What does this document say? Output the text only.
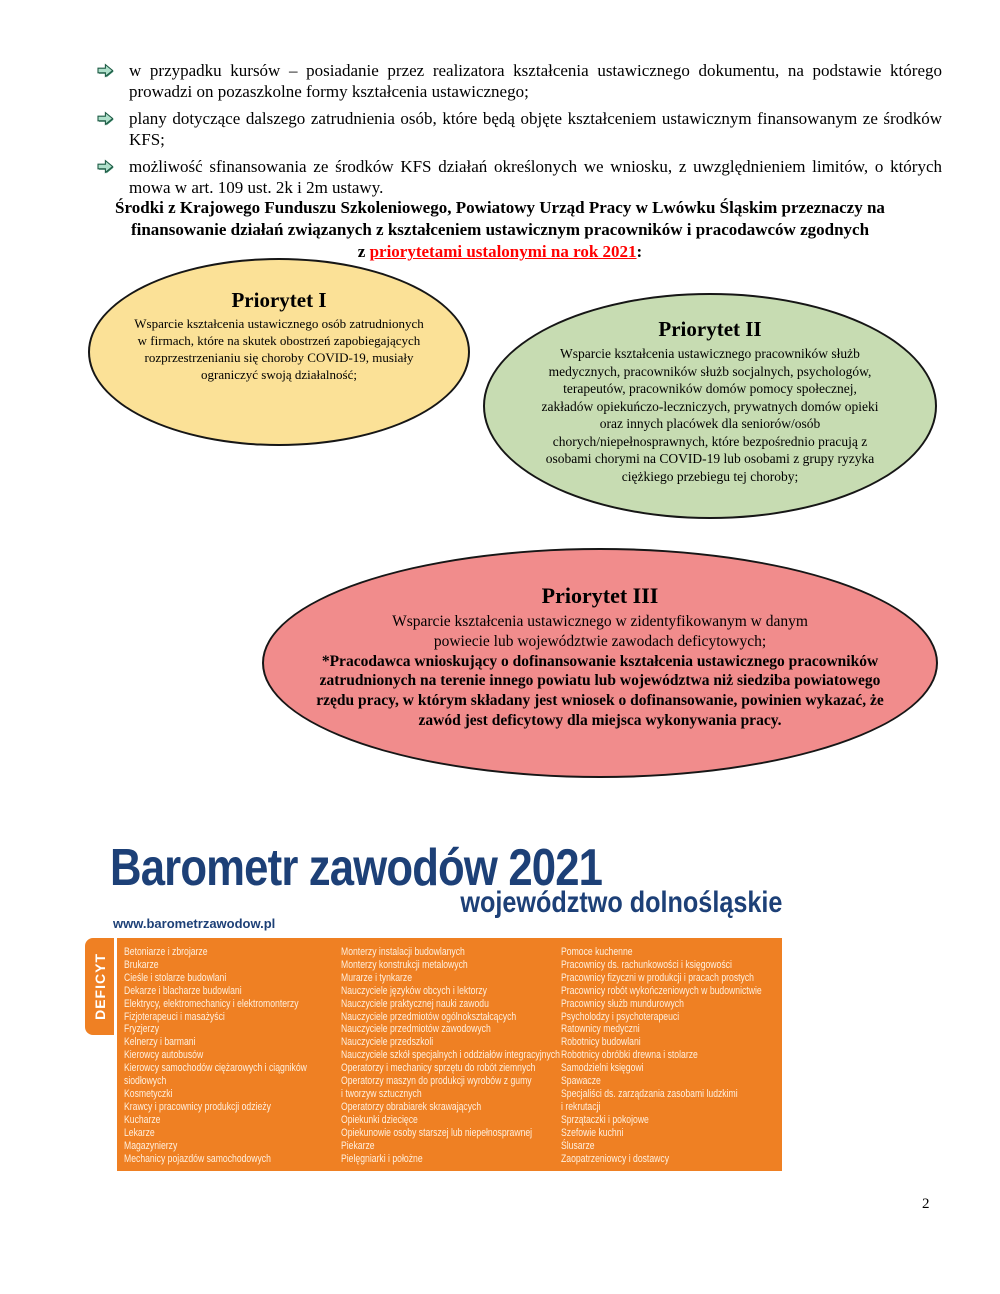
w przypadku kursów – posiadanie przez realizatora kształcenia ustawicznego dokumentu, na podstawie którego prowadzi on pozaszkolne formy kształcenia ustawicznego;
plany dotyczące dalszego zatrudnienia osób, które będą objęte kształceniem ustawicznym finansowanym ze środków KFS;
możliwość sfinansowania ze środków KFS działań określonych we wniosku, z uwzględnieniem limitów, o których mowa w art. 109 ust. 2k i 2m ustawy.
Środki z Krajowego Funduszu Szkoleniowego, Powiatowy Urząd Pracy w Lwówku Śląskim przeznaczy na
finansowanie działań związanych z kształceniem ustawicznym pracowników i pracodawców zgodnych
z priorytetami ustalonymi na rok 2021:
Priorytet I
Wsparcie kształcenia ustawicznego osób zatrudnionych w firmach, które na skutek obostrzeń zapobiegających rozprzestrzenianiu się choroby COVID-19, musiały ograniczyć swoją działalność;
Priorytet II
Wsparcie kształcenia ustawicznego pracowników służb medycznych, pracowników służb socjalnych, psychologów, terapeutów, pracowników domów pomocy społecznej, zakładów opiekuńczo-leczniczych, prywatnych domów opieki oraz innych placówek dla seniorów/osób chorych/niepełnosprawnych, które bezpośrednio pracują z osobami chorymi na COVID-19 lub osobami z grupy ryzyka ciężkiego przebiegu tej choroby;
Priorytet III
Wsparcie kształcenia ustawicznego w zidentyfikowanym w danym powiecie lub województwie zawodach deficytowych;
*Pracodawca wnioskujący o dofinansowanie kształcenia ustawicznego pracowników zatrudnionych na terenie innego powiatu lub województwa niż siedziba powiatowego rzędu pracy, w którym składany jest wniosek o dofinansowanie, powinien wykazać, że zawód jest deficytowy dla miejsca wykonywania pracy.
Barometr zawodów 2021
województwo dolnośląskie
www.barometrzawodow.pl
DEFICYT
Betoniarze i zbrojarze
Brukarze
Cieśle i stolarze budowlani
Dekarze i blacharze budowlani
Elektrycy, elektromechanicy i elektromonterzy
Fizjoterapeuci i masażyści
Fryzjerzy
Kelnerzy i barmani
Kierowcy autobusów
Kierowcy samochodów ciężarowych i ciągników
siodłowych
Kosmetyczki
Krawcy i pracownicy produkcji odzieży
Kucharze
Lekarze
Magazynierzy
Mechanicy pojazdów samochodowych
Monterzy instalacji budowlanych
Monterzy konstrukcji metalowych
Murarze i tynkarze
Nauczyciele języków obcych i lektorzy
Nauczyciele praktycznej nauki zawodu
Nauczyciele przedmiotów ogólnokształcących
Nauczyciele przedmiotów zawodowych
Nauczyciele przedszkoli
Nauczyciele szkół specjalnych i oddziałów integracyjnych
Operatorzy i mechanicy sprzętu do robót ziemnych
Operatorzy maszyn do produkcji wyrobów z gumy
i tworzyw sztucznych
Operatorzy obrabiarek skrawających
Opiekunki dziecięce
Opiekunowie osoby starszej lub niepełnosprawnej
Piekarze
Pielęgniarki i położne
Pomoce kuchenne
Pracownicy ds. rachunkowości i księgowości
Pracownicy fizyczni w produkcji i pracach prostych
Pracownicy robót wykończeniowych w budownictwie
Pracownicy służb mundurowych
Psycholodzy i psychoterapeuci
Ratownicy medyczni
Robotnicy budowlani
Robotnicy obróbki drewna i stolarze
Samodzielni księgowi
Spawacze
Specjaliści ds. zarządzania zasobami ludzkimi
i rekrutacji
Sprzątaczki i pokojowe
Szefowie kuchni
Ślusarze
Zaopatrzeniowcy i dostawcy
2
